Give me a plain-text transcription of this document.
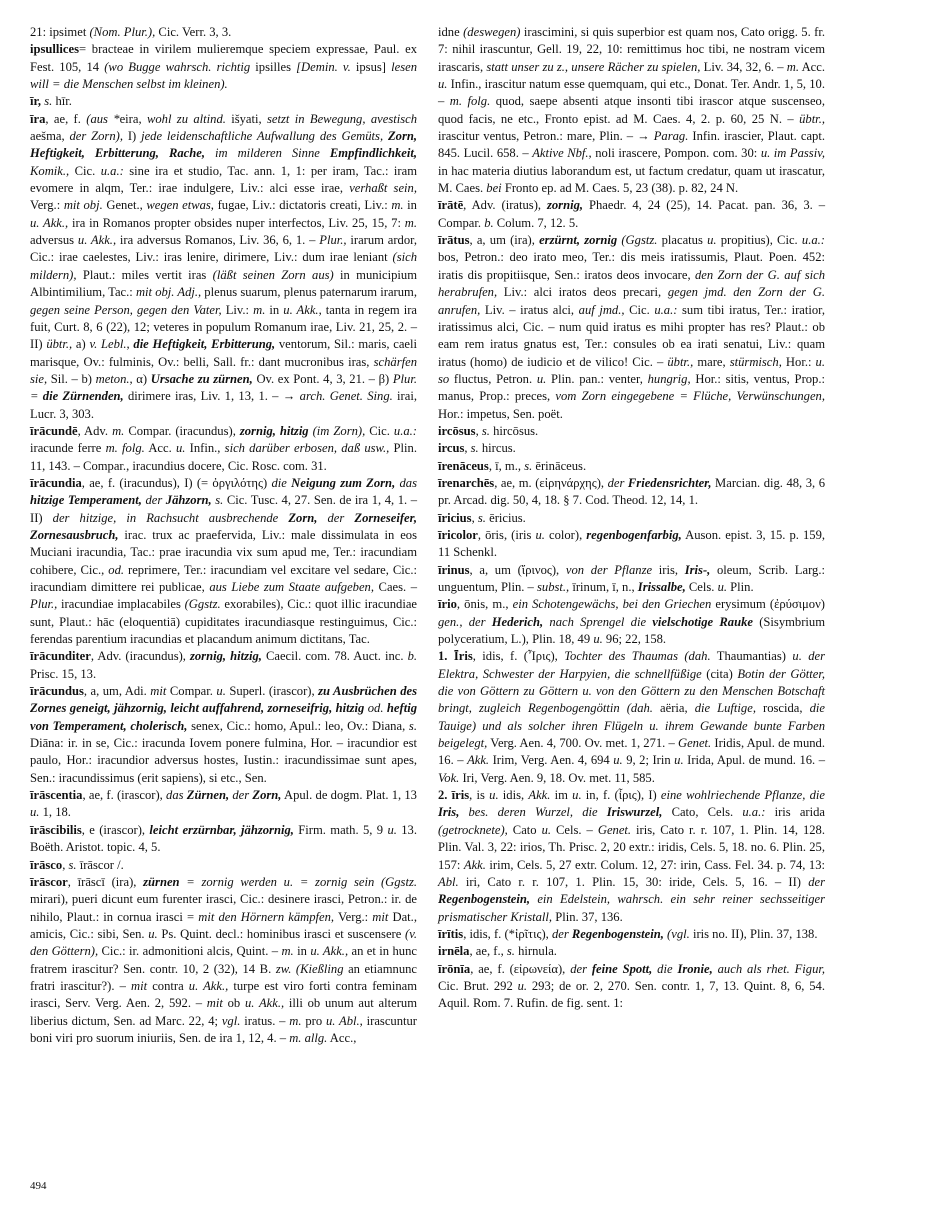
21: ipsimet (Nom. Plur.), Cic. Verr. 3, 3.

ipsullices= bracteae in virilem mulieremque speciem expressae, Paul. ex Fest. 105, 14 (wo Bugge wahrsch. richtig ipsilles [Demin. v. ipsus] lesen will = die Menschen selbst im kleinen).

īr, s. hīr.

īra, ae, f. (aus *eira, wohl zu altind. išyati, setzt in Bewegung, avestisch aešma, der Zorn), I) jede leidenschaftliche Aufwallung des Gemüts, Zorn, Heftigkeit, Erbitterung, Rache, im milderen Sinne Empfindlichkeit, Komik., Cic. u.a.: sine ira et studio, Tac. ann. 1, 1: per iram, Tac.: iram evomere in alqm, Ter.: irae indulgere, Liv.: alci esse irae, verhaßt sein, Verg.: mit obj. Genet., wegen etwas, fugae, Liv.: dictatoris creati, Liv.: m. in u. Akk., ira in Romanos propter obsides nuper interfectos, Liv. 25, 15, 7: m. adversus u. Akk., ira adversus Romanos, Liv. 36, 6, 1. – Plur., irarum ardor, Cic.: irae caelestes, Liv.: iras lenire, dirimere, Liv.: dum irae leniant (sich mildern), Plaut.: miles vertit iras (läßt seinen Zorn aus) in municipium Albintimilium, Tac.: mit obj. Adj., plenus suarum, plenus paternarum irarum, gegen seine Person, gegen den Vater, Liv.: m. in u. Akk., tanta in regem ira fuit, Curt. 8, 6 (22), 12; veteres in populum Romanum irae, Liv. 21, 25, 2. – II) übtr., a) v. Lebl., die Heftigkeit, Erbitterung, ventorum, Sil.: maris, caeli marisque, Ov.: fulminis, Ov.: belli, Sall. fr.: dant mucronibus iras, schärfen sie, Sil. – b) meton., α) Ursache zu zürnen, Ov. ex Pont. 4, 3, 21. – β) Plur. = die Zürnenden, dirimere iras, Liv. 1, 13, 1. – → arch. Genet. Sing. irai, Lucr. 3, 303.

īrācundē, Adv. m. Compar. (iracundus), zornig, hitzig (im Zorn), Cic. u.a.: iracunde ferre m. folg. Acc. u. Infin., sich darüber erbosen, daß usw., Plin. 11, 143. – Compar., iracundius docere, Cic. Rosc. com. 31.

īrācundia, ae, f. (iracundus), I) (= ὀργιλότης) die Neigung zum Zorn, das hitzige Temperament, der Jähzorn, s. Cic. Tusc. 4, 27. Sen. de ira 1, 4, 1. – II) der hitzige, in Rachsucht ausbrechende Zorn, der Zorneseifer, Zornesausbruch, irac. trux ac praefervida, Liv.: male dissimulata in eos Muciani iracundia, Tac.: prae iracundia vix sum apud me, Ter.: iracundiam cohibere, Cic., od. reprimere, Ter.: iracundiam vel excitare vel sedare, Cic.: iracundiam dimittere rei publicae, aus Liebe zum Staate aufgeben, Caes. – Plur., iracundiae implacabiles (Ggstz. exorabiles), Cic.: quot illic iracundiae sunt, Plaut.: hāc (eloquentiā) cupiditates iracundiasque restinguimus, Cic.: ferendas parentium iracundias et placandum animum dictitans, Tac.

īrācunditer, Adv. (iracundus), zornig, hitzig, Caecil. com. 78. Auct. inc. b. Prisc. 15, 13.

īrācundus, a, um, Adi. mit Compar. u. Superl. (irascor), zu Ausbrüchen des Zornes geneigt, jähzornig, leicht auffahrend, zorneseifrig, hitzig od. heftig von Temperament, cholerisch, senex, Cic.: homo, Apul.: leo, Ov.: Diana, s. Diāna: ir. in se, Cic.: iracunda Iovem ponere fulmina, Hor. – iracundior est paulo, Hor.: iracundior adversus hostes, Iustin.: iracundissimae sunt apes, Sen.: iracundissimus (erit sapiens), si etc., Sen.

īrāscentia, ae, f. (irascor), das Zürnen, der Zorn, Apul. de dogm. Plat. 1, 13 u. 1, 18.

īrāscibilis, e (irascor), leicht erzürnbar, jähzornig, Firm. math. 5, 9 u. 13. Boëth. Aristot. topic. 4, 5.

īrāsco, s. īrāscor /.

īrāscor, īrāscī (ira), zürnen = zornig werden u. = zornig sein (Ggstz. mirari), pueri dicunt eum furenter irasci, Cic.: desinere irasci, Petron.: ir. de nihilo, Plaut.: in cornua irasci = mit den Hörnern kämpfen, Verg.: mit Dat., amicis, Cic.: sibi, Sen. u. Ps. Quint. decl.: hominibus irasci et suscensere (v. den Göttern), Cic.: ir. admonitioni alcis, Quint. – m. in u. Akk., an et in hunc fratrem irascitur? Sen. contr. 10, 2 (32), 14 B. zw. (Kießling an etiamnunc fratri irascitur?). – mit contra u. Akk., turpe est viro forti contra feminam irasci, Serv. Verg. Aen. 2, 592. – mit ob u. Akk., illi ob unum aut alterum liberius dictum, Sen. ad Marc. 22, 4; vgl. iratus. – m. pro u. Abl., irascuntur boni viri pro suorum iniuriis, Sen. de ira 1, 12, 4. – m. allg. Acc.,

idne (deswegen) irascimini, si quis superbior est quam nos, Cato origg. 5. fr. 7: nihil irascuntur, Gell. 19, 22, 10: remittimus hoc tibi, ne nostram vicem irascaris, statt unser zu z., unsere Rächer zu spielen, Liv. 34, 32, 6. – m. Acc. u. Infin., irascitur natum esse quemquam, qui etc., Donat. Ter. Andr. 1, 5, 10. – m. folg. quod, saepe absenti atque insonti tibi irascor atque suscenseo, quod facis, ne etc., Fronto epist. ad M. Caes. 4, 2. p. 60, 25 N. – übtr., irascitur ventus, Petron.: mare, Plin. – → Parag. Infin. irascier, Plaut. capt. 845. Lucil. 658. – Aktive Nbf., noli irascere, Pompon. com. 30: u. im Passiv, in hac materia diutius laborandum est, ut factum credatur, quam ut irascatur, M. Caes. bei Fronto ep. ad M. Caes. 5, 23 (38). p. 82, 24 N.

īrātē, Adv. (iratus), zornig, Phaedr. 4, 24 (25), 14. Pacat. pan. 36, 3. – Compar. b. Colum. 7, 12. 5.

īrātus, a, um (ira), erzürnt, zornig (Ggstz. placatus u. propitius), Cic. u.a.: bos, Petron.: deo irato meo, Ter.: dis meis iratissumis, Plaut. Poen. 452: iratis dis propitiisque, Sen.: iratos deos invocare, den Zorn der G. auf sich herabrufen, Liv.: alci iratos deos precari, gegen jmd. den Zorn der G. anrufen, Liv. – iratus alci, auf jmd., Cic. u.a.: sum tibi iratus, Ter.: iratior, iratissimus alci, Cic. – num quid iratus es mihi propter has res? Plaut.: ob eam rem iratus gnatus est, Ter.: consules ob ea irati senatui, Liv.: quam iratus (homo) de iudicio et de vilico! Cic. – übtr., mare, stürmisch, Hor.: u. so fluctus, Petron. u. Plin. pan.: venter, hungrig, Hor.: sitis, ventus, Prop.: manus, Prop.: preces, vom Zorn eingegebene = Flüche, Verwünschungen, Hor.: impetus, Sen. poët.

ircōsus, s. hircōsus.

ircus, s. hircus.

īrenāceus, ī, m., s. ērināceus.

īrenarchēs, ae, m. (εἰρηνάρχης), der Friedensrichter, Marcian. dig. 48, 3, 6 pr. Arcad. dig. 50, 4, 18. § 7. Cod. Theod. 12, 14, 1.

īricius, s. ēricius.

īricolor, ōris, (iris u. color), regenbogenfarbig, Auson. epist. 3, 15. p. 159, 11 Schenkl.

īrinus, a, um (ἴρινος), von der Pflanze iris, Iris-, oleum, Scrib. Larg.: unguentum, Plin. – subst., īrinum, ī, n., Irissalbe, Cels. u. Plin.

īrio, ōnis, m., ein Schotengewächs, bei den Griechen erysimum (ἐρύσιμον) gen., der Hederich, nach Sprengel die vielschotige Rauke (Sisymbrium polyceratium, L.), Plin. 18, 49 u. 96; 22, 158.

1. Īris, idis, f. (Ἶρις), Tochter des Thaumas (dah. Thaumantias) u. der Elektra, Schwester der Harpyien, die schnellfüßige (cita) Botin der Götter, die von Göttern zu Göttern u. von den Göttern zu den Menschen Botschaft bringt, zugleich Regenbogengöttin (dah. aëria, die Luftige, roscida, die Tauige) und als solcher ihren Flügeln u. ihrem Gewande bunte Farben beigelegt, Verg. Aen. 4, 700. Ov. met. 1, 271. – Genet. Iridis, Apul. de mund. 16. – Akk. Irim, Verg. Aen. 4, 694 u. 9, 2; Irin u. Irida, Apul. de mund. 16. – Vok. Iri, Verg. Aen. 9, 18. Ov. met. 11, 585.

2. īris, is u. idis, Akk. im u. in, f. (ἶρις), I) eine wohlriechende Pflanze, die Iris, bes. deren Wurzel, die Iriswurzel, Cato, Cels. u.a.: iris arida (getrocknete), Cato u. Cels. – Genet. iris, Cato r. r. 107, 1. Plin. 14, 128. Plin. Val. 3, 22: irios, Th. Prisc. 2, 20 extr.: iridis, Cels. 5, 18. no. 6. Plin. 25, 157: Akk. irim, Cels. 5, 27 extr. Colum. 12, 27: irin, Cass. Fel. 34. p. 74, 13: Abl. iri, Cato r. r. 107, 1. Plin. 15, 30: iride, Cels. 5, 16. – II) der Regenbogenstein, ein Edelstein, wahrsch. ein sehr reiner sechsseitiger prismatischer Kristall, Plin. 37, 136.

īrītis, idis, f. (*ἰρῖτις), der Regenbogenstein, (vgl. iris no. II), Plin. 37, 138.

irnēla, ae, f., s. hirnula.

īrōnīa, ae, f. (εἰρωνεία), der feine Spott, die Ironie, auch als rhet. Figur, Cic. Brut. 292 u. 293; de or. 2, 270. Sen. contr. 1, 7, 13. Quint. 8, 6, 54. Aquil. Rom. 7. Rufin. de fig. sent. 1:

494
